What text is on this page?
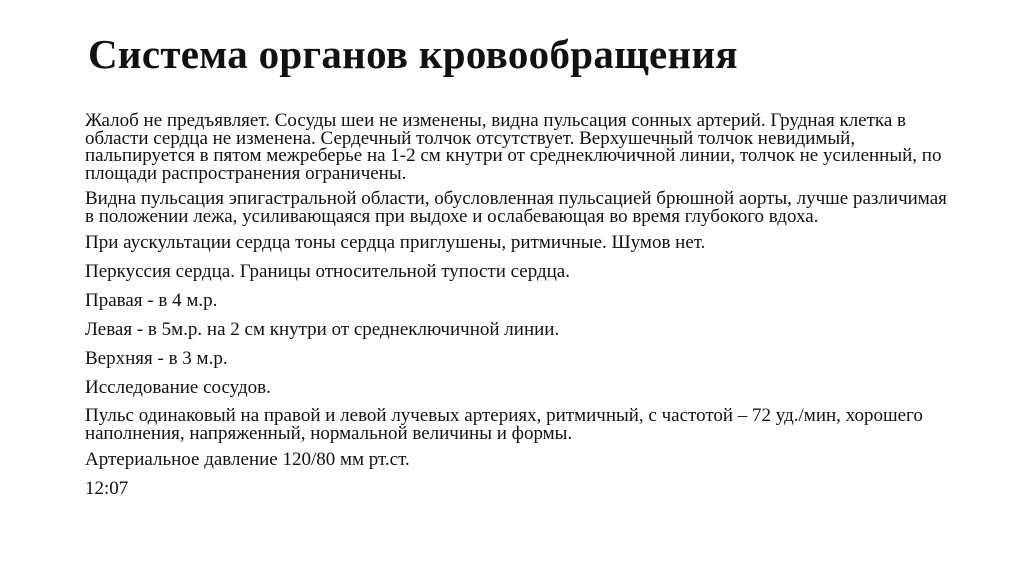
Система органов кровообращения

Жалоб не предъявляет. Сосуды шеи не изменены, видна пульсация сонных артерий. Грудная клетка в области сердца не изменена. Сердечный толчок отсутствует. Верхушечный толчок невидимый, пальпируется в пятом межреберье на 1-2 см кнутри от среднеключичной линии, толчок не усиленный, по площади распространения ограничены.

Видна пульсация эпигастральной области, обусловленная пульсацией брюшной аорты, лучше различимая в положении лежа, усиливающаяся при выдохе и ослабевающая во время глубокого вдоха.

При аускультации сердца тоны сердца приглушены, ритмичные. Шумов нет.

Перкуссия сердца. Границы относительной тупости сердца.

Правая - в 4 м.р.

Левая - в 5м.р. на 2 см кнутри от среднеключичной линии.

Верхняя - в 3 м.р.

Исследование сосудов.

Пульс одинаковый на правой и левой лучевых артериях, ритмичный, с частотой – 72 уд./мин, хорошего наполнения, напряженный, нормальной величины и формы.

Артериальное давление 120/80 мм рт.ст.

12:07
